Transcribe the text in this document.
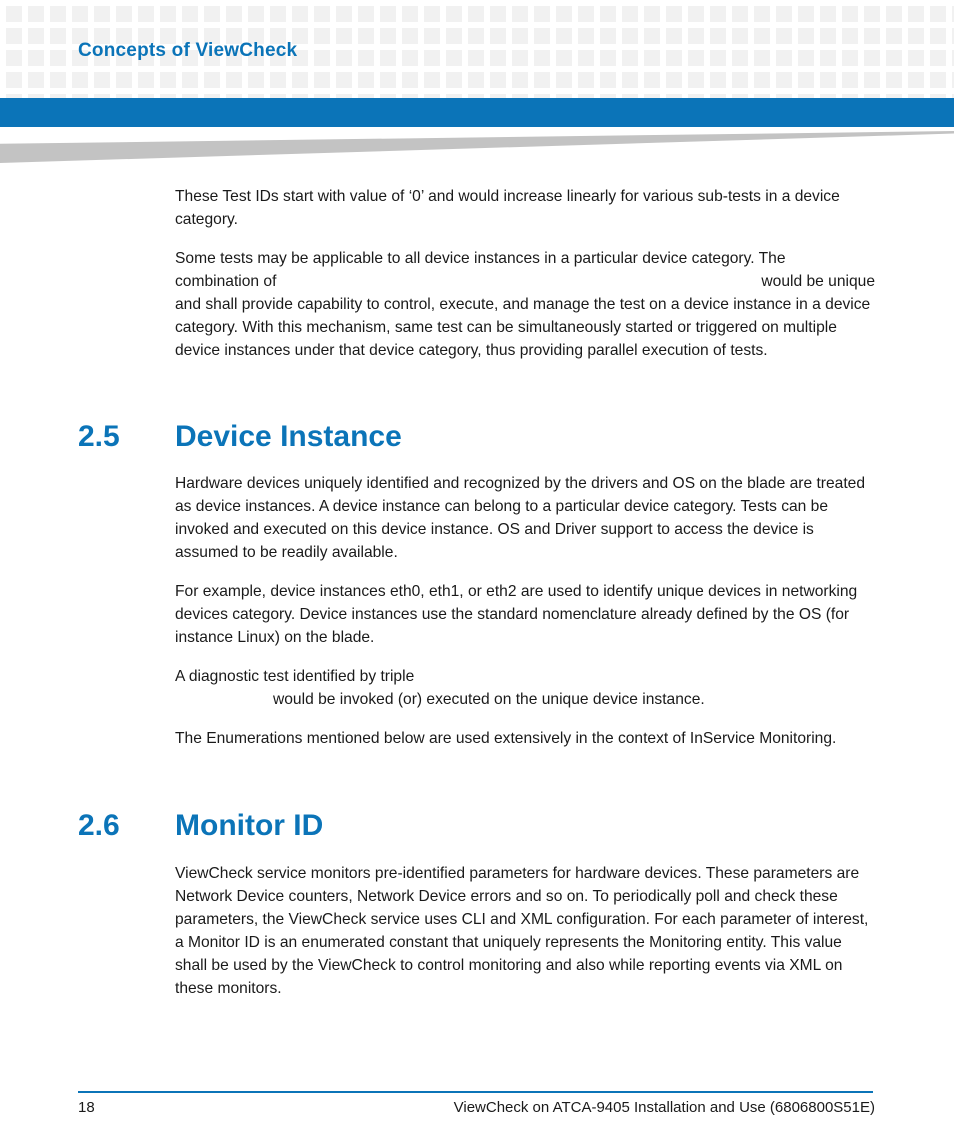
Concepts of ViewCheck

These Test IDs start with value of ‘0’ and would increase linearly for various sub-tests in a device category.

Some tests may be applicable to all device instances in a particular device category. The
combination of	would be unique
and shall provide capability to control, execute, and manage the test on a device instance in a device category. With this mechanism, same test can be simultaneously started or triggered on multiple device instances under that device category, thus providing parallel execution of tests.
2.5 Device Instance

Hardware devices uniquely identified and recognized by the drivers and OS on the blade are treated as device instances. A device instance can belong to a particular device category. Tests can be invoked and executed on this device instance. OS and Driver support to access the device is assumed to be readily available.

For example, device instances eth0, eth1, or eth2 are used to identify unique devices in networking devices category. Device instances use the standard nomenclature already defined by the OS (for instance Linux) on the blade.

A diagnostic test identified by triple
would be invoked (or) executed on the unique device instance.

The Enumerations mentioned below are used extensively in the context of InService Monitoring.

2.6 Monitor ID

ViewCheck service monitors pre-identified parameters for hardware devices. These parameters are Network Device counters, Network Device errors and so on. To periodically poll and check these parameters, the ViewCheck service uses CLI and XML configuration. For each parameter of interest, a Monitor ID is an enumerated constant that uniquely represents the Monitoring entity. This value shall be used by the ViewCheck to control monitoring and also while reporting events via XML on these monitors.

18	ViewCheck on ATCA-9405 Installation and Use (6806800S51E)
